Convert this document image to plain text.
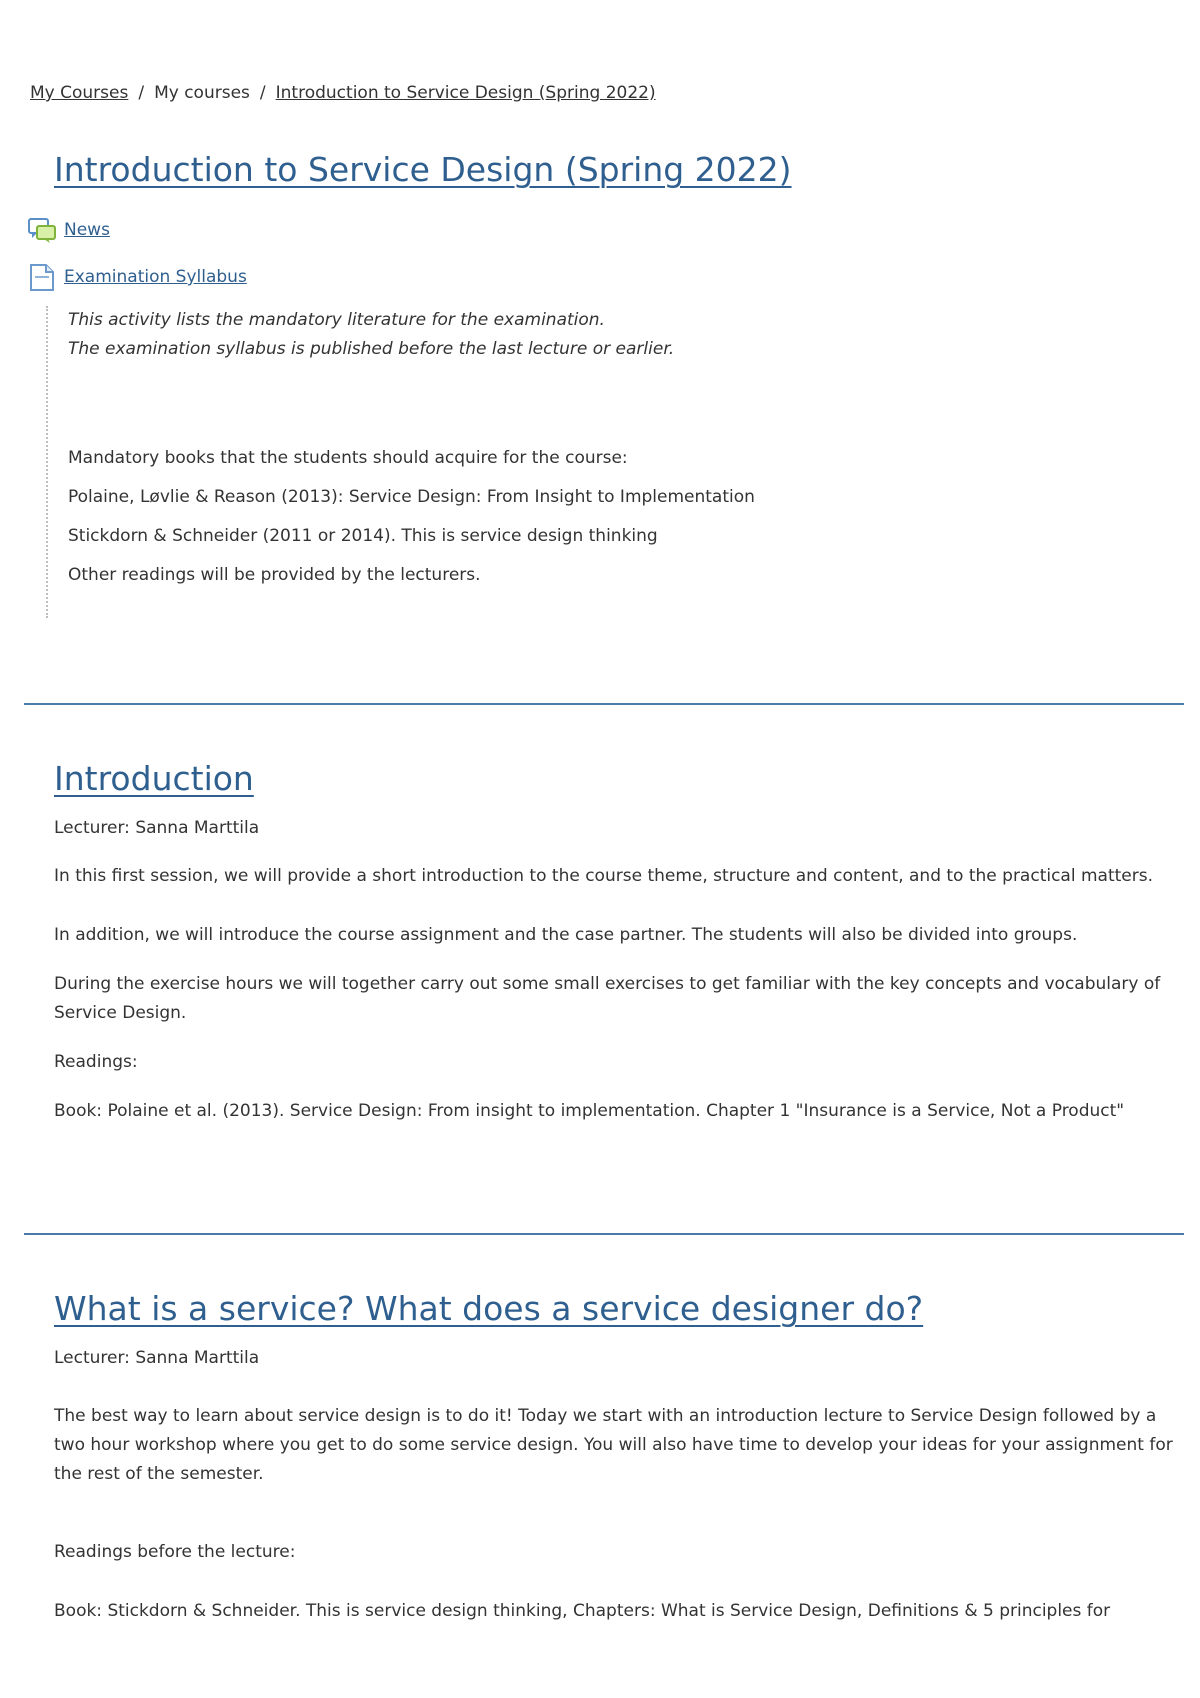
My Courses / My courses / Introduction to Service Design (Spring 2022)
Introduction to Service Design (Spring 2022)
News
Examination Syllabus
This activity lists the mandatory literature for the examination.
The examination syllabus is published before the last lecture or earlier.
Mandatory books that the students should acquire for the course:
Polaine, Løvlie & Reason (2013): Service Design: From Insight to Implementation
Stickdorn & Schneider (2011 or 2014). This is service design thinking
Other readings will be provided by the lecturers.
Introduction

Lecturer: Sanna Marttila

In this first session, we will provide a short introduction to the course theme, structure and content, and to the practical matters.

In addition, we will introduce the course assignment and the case partner. The students will also be divided into groups.

During the exercise hours we will together carry out some small exercises to get familiar with the key concepts and vocabulary of Service Design.

Readings:

Book: Polaine et al. (2013). Service Design: From insight to implementation. Chapter 1 "Insurance is a Service, Not a Product"

What is a service? What does a service designer do?

Lecturer: Sanna Marttila

The best way to learn about service design is to do it! Today we start with an introduction lecture to Service Design followed by a two hour workshop where you get to do some service design. You will also have time to develop your ideas for your assignment for the rest of the semester.

Readings before the lecture:

Book: Stickdorn & Schneider. This is service design thinking, Chapters: What is Service Design, Definitions & 5 principles for
